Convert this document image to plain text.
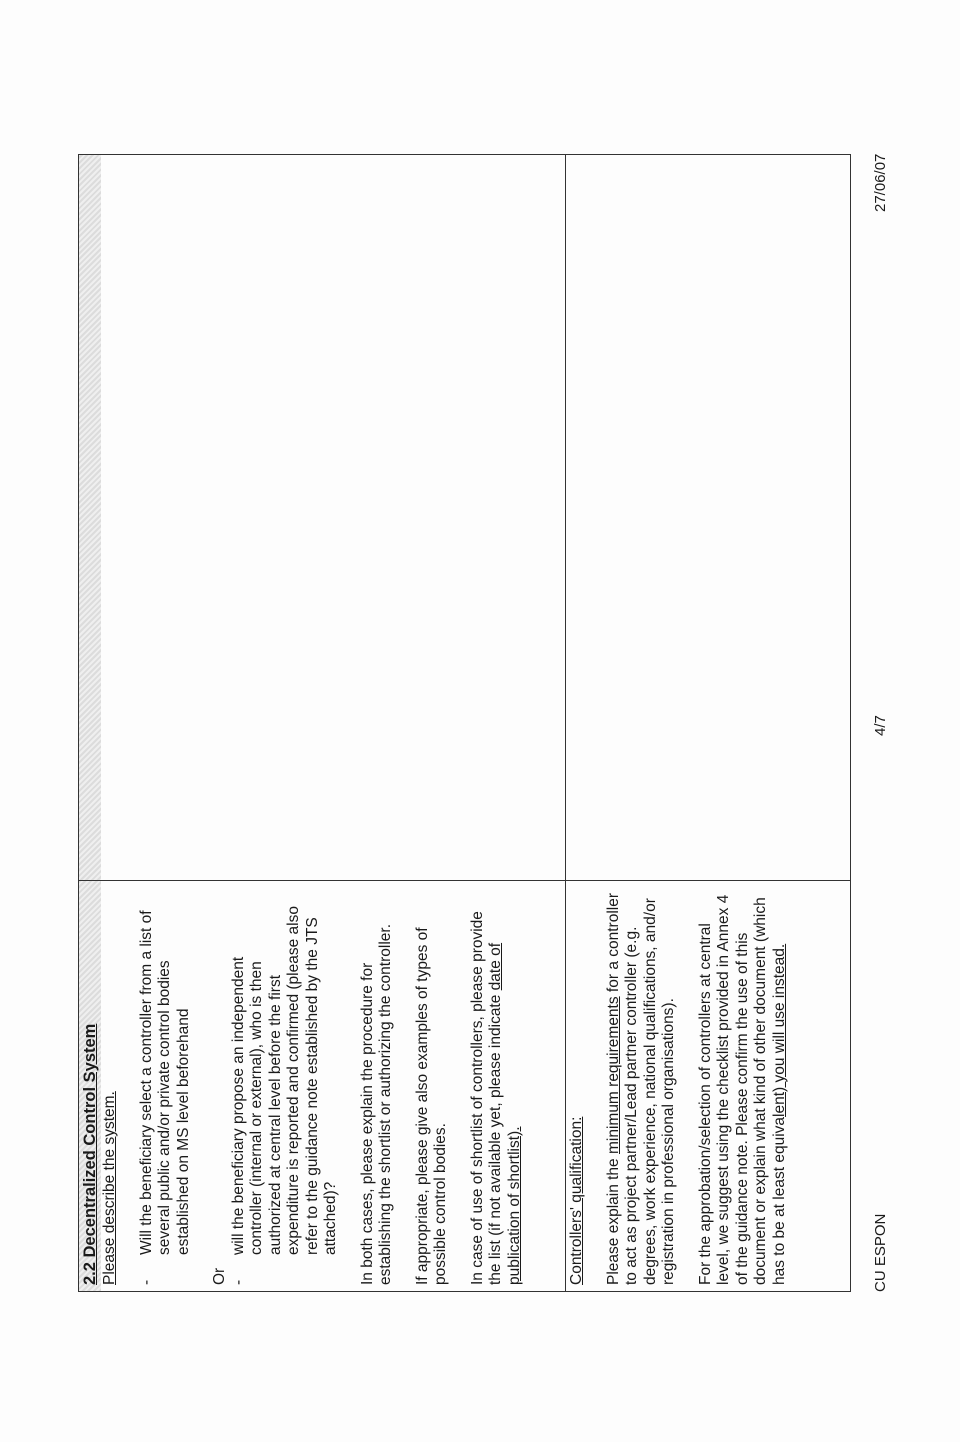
2.2 Decentralized Control System Please describe the system. -
Will the beneficiary select a controller from a list of several public and/or private control bodies established on MS level beforehand

Or -
will the beneficiary propose an independent controller (internal or external), who is then authorized at central level before the first expenditure is reported and confirmed (please also refer to the guidance note established by the JTS attached)? In both cases, please explain the procedure for establishing the shortlist or authorizing the controller. If appropriate, please give also examples of types of possible control bodies. In case of use of shortlist of controllers, please provide the list (if not available yet, please indicate date of publication of shortlist).	Controllers' qualification: Please explain the minimum requirements for a controller to act as project partner/Lead partner controller (e.g. degrees, work experience, national qualifications, and/or registration in professional organisations). For the approbation/selection of controllers at central level, we suggest using the checklist provided in Annex 4 of the guidance note. Please confirm the use of this document or explain what kind of other document (which has to be at least equivalent) you will use instead.

CU ESPON
4/7
27/06/07
